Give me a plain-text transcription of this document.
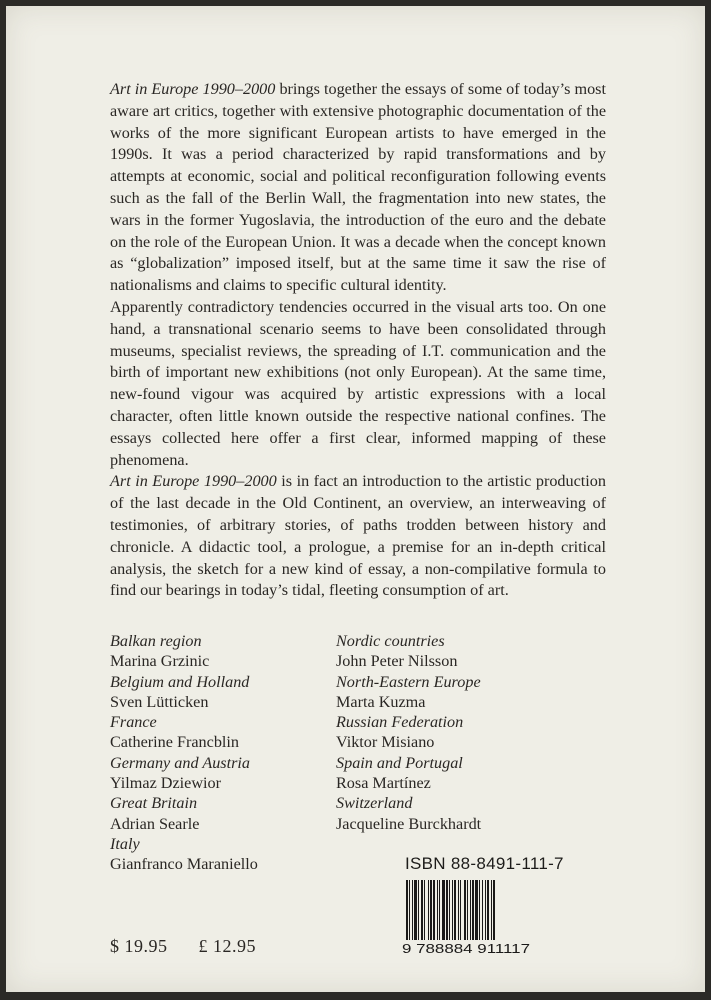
Art in Europe 1990–2000 brings together the essays of some of today’s most aware art critics, together with extensive photographic documentation of the works of the more significant European artists to have emerged in the 1990s. It was a period characterized by rapid transformations and by attempts at economic, social and political reconfiguration following events such as the fall of the Berlin Wall, the fragmentation into new states, the wars in the former Yugoslavia, the introduction of the euro and the debate on the role of the European Union. It was a decade when the concept known as “globalization” imposed itself, but at the same time it saw the rise of nationalisms and claims to specific cultural identity.

Apparently contradictory tendencies occurred in the visual arts too. On one hand, a transnational scenario seems to have been consolidated through museums, specialist reviews, the spreading of I.T. communication and the birth of important new exhibitions (not only European). At the same time, new-found vigour was acquired by artistic expressions with a local character, often little known outside the respective national confines. The essays collected here offer a first clear, informed mapping of these phenomena.

Art in Europe 1990–2000 is in fact an introduction to the artistic production of the last decade in the Old Continent, an overview, an interweaving of testimonies, of arbitrary stories, of paths trodden between history and chronicle. A didactic tool, a prologue, a premise for an in-depth critical analysis, the sketch for a new kind of essay, a non-compilative formula to find our bearings in today’s tidal, fleeting consumption of art.

Balkan region
Marina Grzinic
Belgium and Holland
Sven Lütticken
France
Catherine Francblin
Germany and Austria
Yilmaz Dziewior
Great Britain
Adrian Searle
Italy
Gianfranco Maraniello
Nordic countries
John Peter Nilsson
North-Eastern Europe
Marta Kuzma
Russian Federation
Viktor Misiano
Spain and Portugal
Rosa Martínez
Switzerland
Jacqueline Burckhardt
ISBN 88-8491-111-7
9 788884 911117
$ 19.95 £ 12.95
